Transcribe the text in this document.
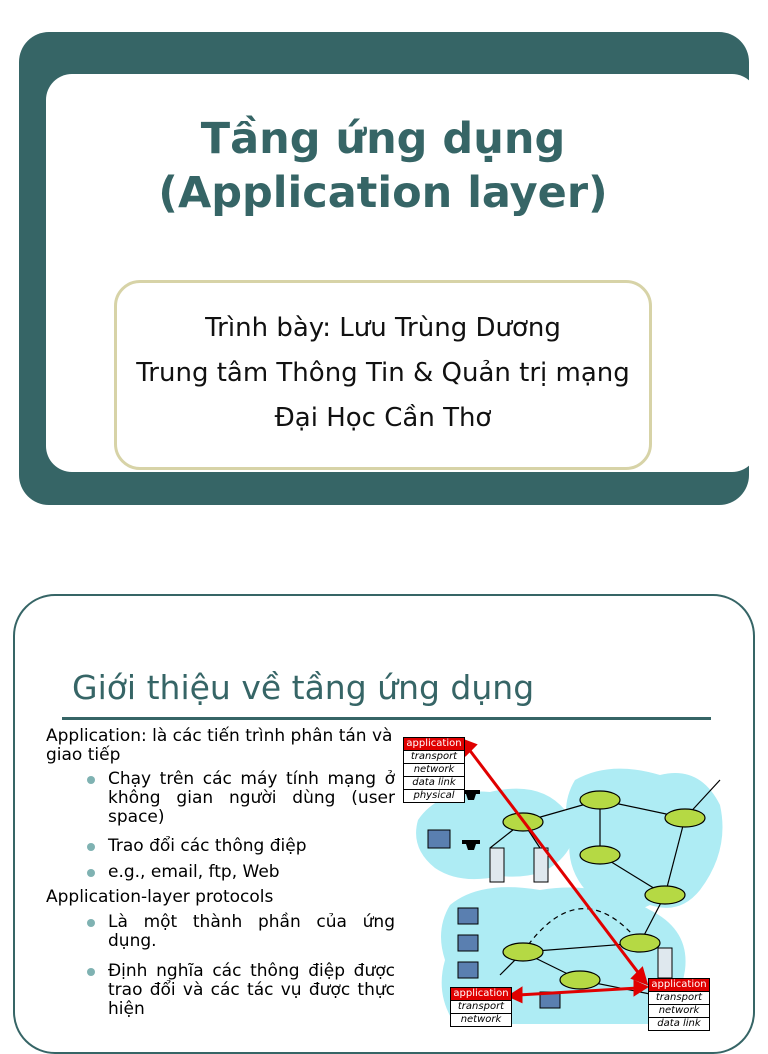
Tầng ứng dụng
(Application layer)
Trình bày: Lưu Trùng Dương
Trung tâm Thông Tin & Quản trị mạng
Đại Học Cần Thơ
Giới thiệu về tầng ứng dụng

Application: là các tiến trình phân tán và giao tiếp

Chạy trên các máy tính mạng ở không gian người dùng (user space)

Trao đổi các thông điệp

e.g., email, ftp, Web

Application-layer protocols

Là một thành phần của ứng dụng.

Định nghĩa các thông điệp được trao đổi và các tác vụ được thực hiện

application
transport
network
data link
physical
application
transport
network
application
transport
network
data link
